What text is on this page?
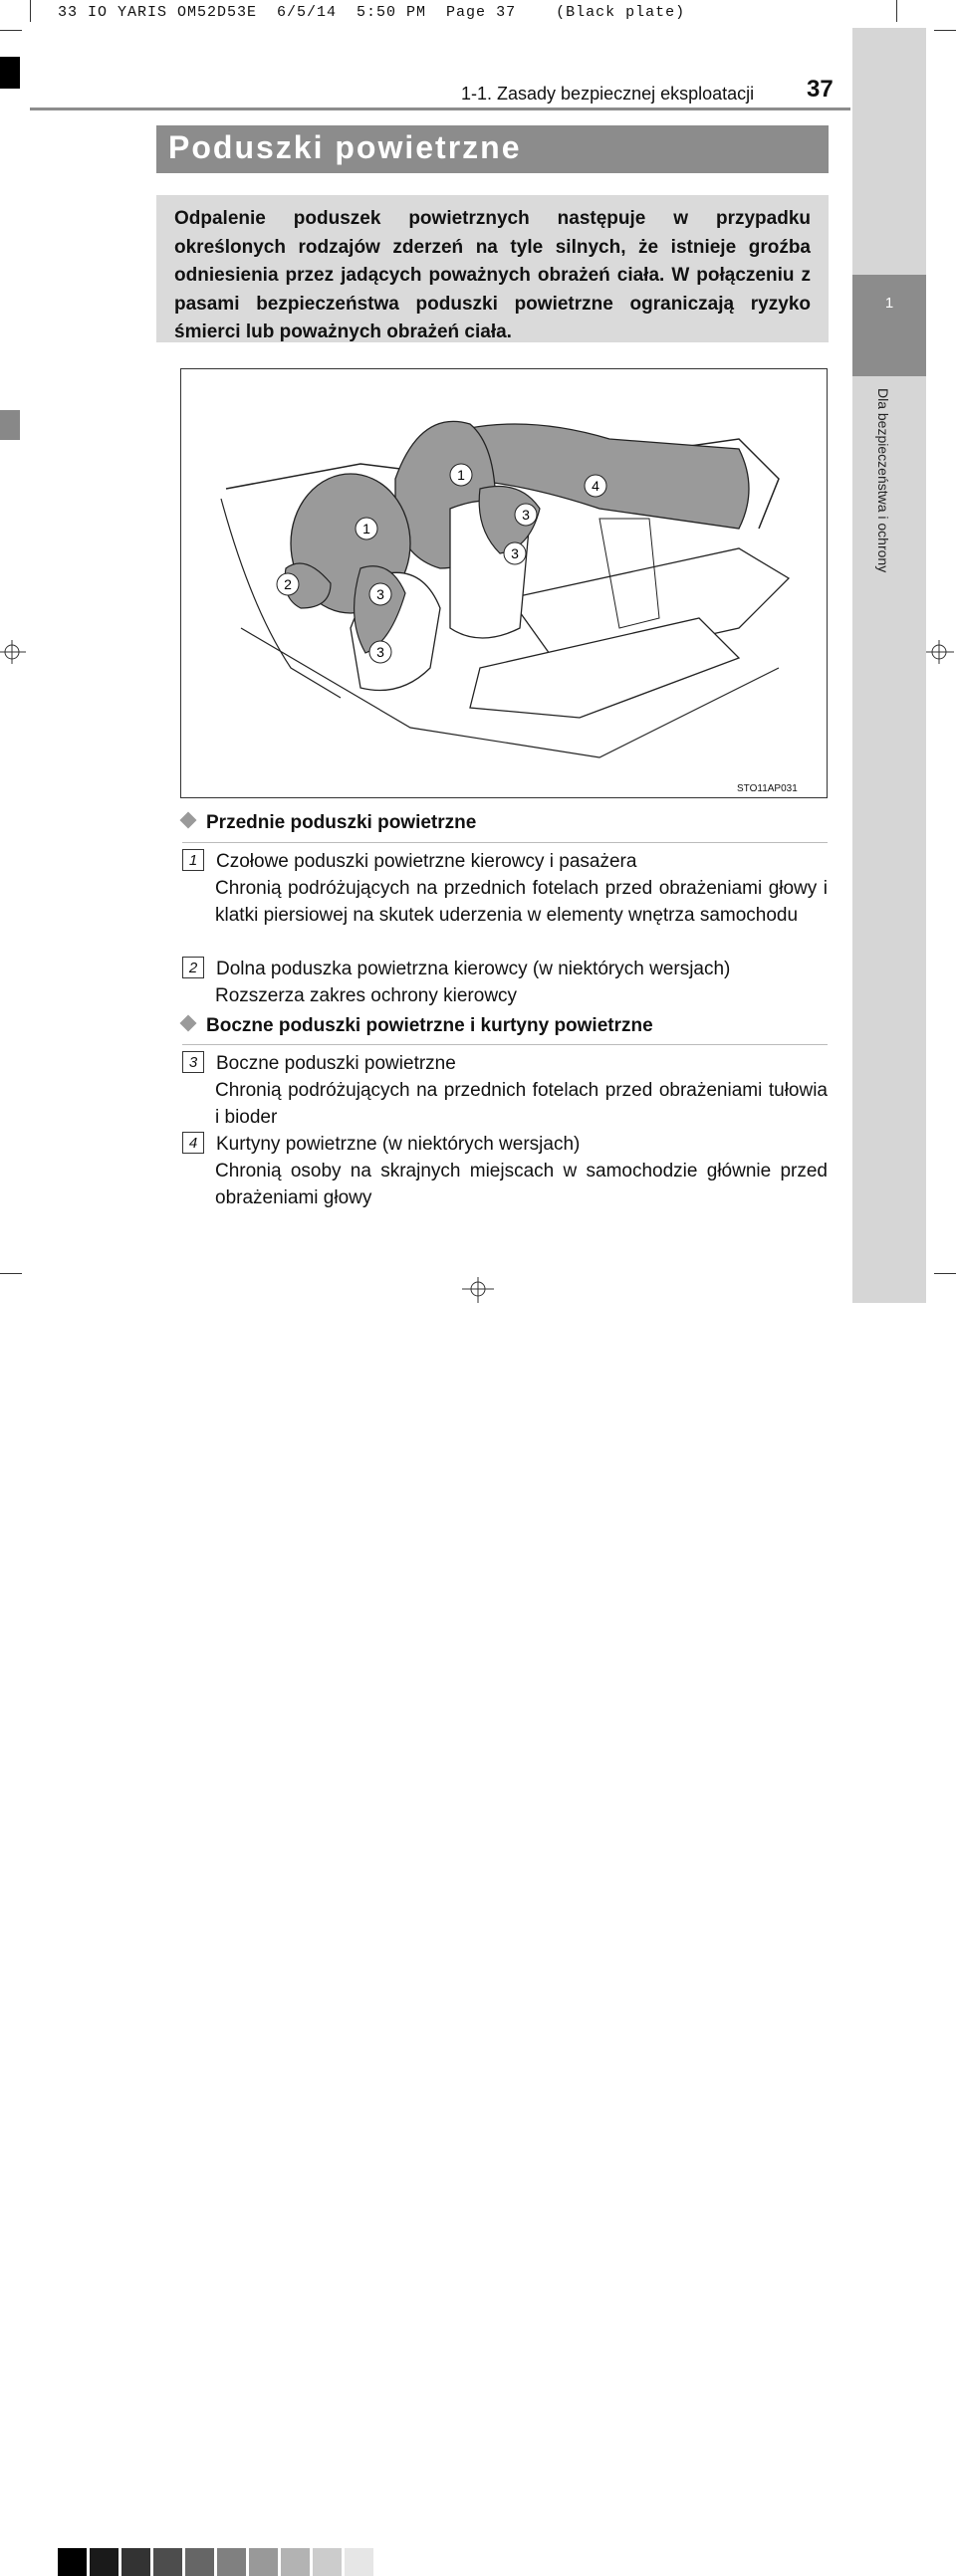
33 IO YARIS OM52D53E  6/5/14  5:50 PM  Page 37    (Black plate)
1
Dla bezpieczeństwa i ochrony
1-1. Zasady bezpiecznej eksploatacji 37
Poduszki powietrzne
Odpalenie poduszek powietrznych następuje w przypadku określonych rodzajów zderzeń na tyle silnych, że istnieje groźba odniesienia przez jadących poważnych obrażeń ciała. W połączeniu z pasami bezpieczeństwa poduszki powietrzne ograniczają ryzyko śmierci lub poważnych obrażeń ciała.
1
1
4
3
3
2
3
3
STO11AP031
Przednie poduszki powietrzne
1 Czołowe poduszki powietrzne kierowcy i pasażera
Chronią podróżujących na przednich fotelach przed obrażeniami głowy i klatki piersiowej na skutek uderzenia w elementy wnętrza samochodu
2 Dolna poduszka powietrzna kierowcy (w niektórych wersjach)
Rozszerza zakres ochrony kierowcy
Boczne poduszki powietrzne i kurtyny powietrzne
3 Boczne poduszki powietrzne
Chronią podróżujących na przednich fotelach przed obrażeniami tułowia i bioder
4 Kurtyny powietrzne (w niektórych wersjach)
Chronią osoby na skrajnych miejscach w samochodzie głównie przed obrażeniami głowy
